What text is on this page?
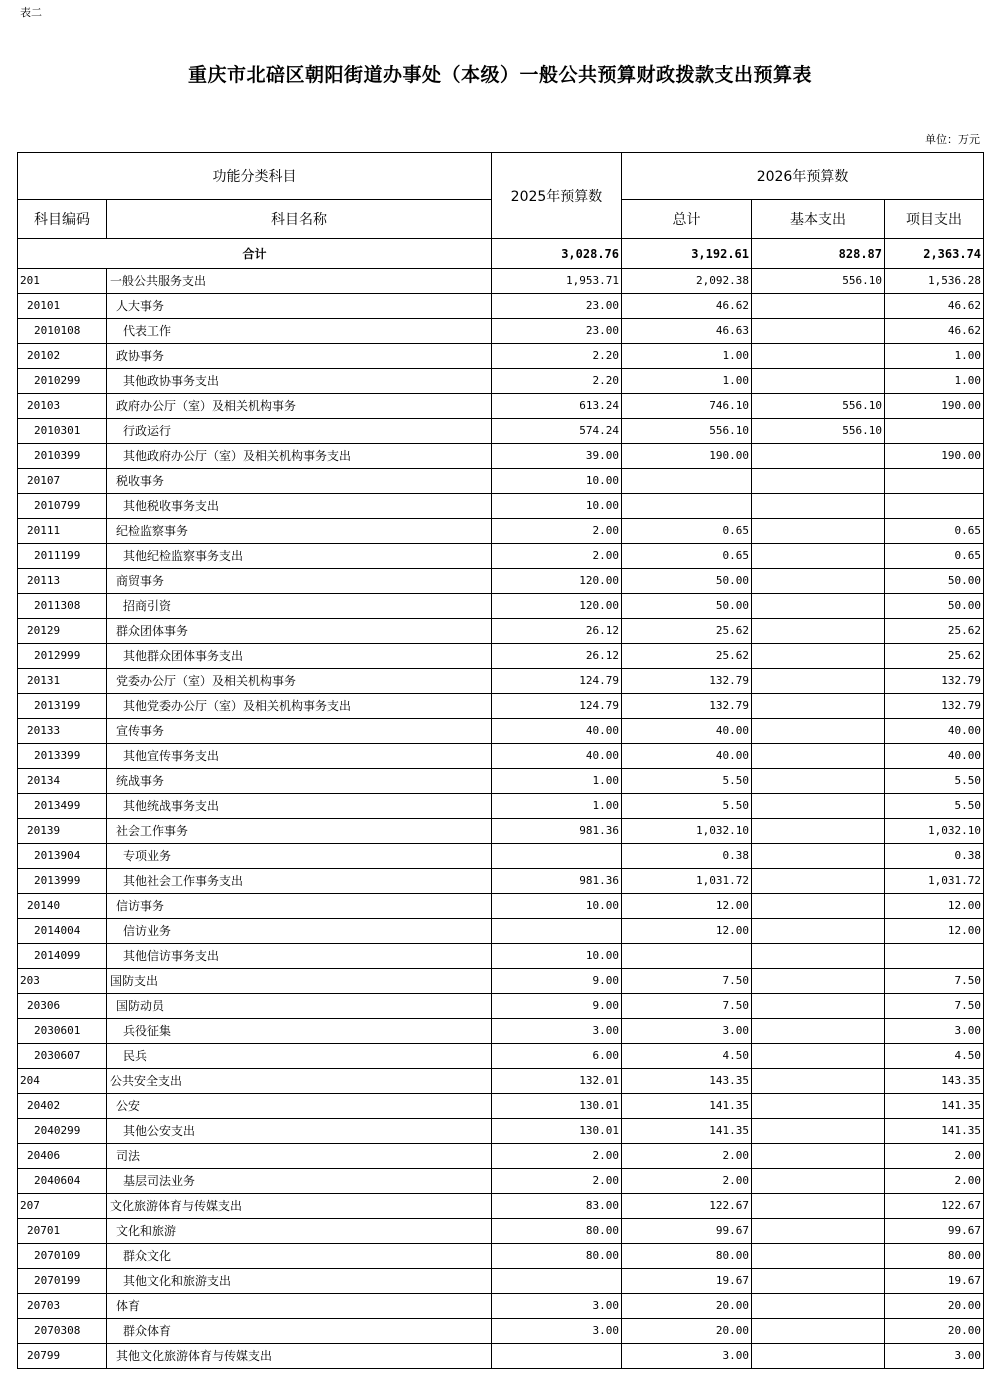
表二
重庆市北碚区朝阳街道办事处（本级）一般公共预算财政拨款支出预算表
单位：万元
功能分类科目		2025年预算数	2026年预算数		
科目编码	科目名称		总计	基本支出	项目支出
合计		3,028.76	3,192.61	828.87	2,363.74
201	一般公共服务支出	1,953.71	2,092.38	556.10	1,536.28
20101	人大事务	23.00	46.62		46.62
2010108	代表工作	23.00	46.63		46.62
20102	政协事务	2.20	1.00		1.00
2010299	其他政协事务支出	2.20	1.00		1.00
20103	政府办公厅（室）及相关机构事务	613.24	746.10	556.10	190.00
2010301	行政运行	574.24	556.10	556.10	
2010399	其他政府办公厅（室）及相关机构事务支出	39.00	190.00		190.00
20107	税收事务	10.00			
2010799	其他税收事务支出	10.00			
20111	纪检监察事务	2.00	0.65		0.65
2011199	其他纪检监察事务支出	2.00	0.65		0.65
20113	商贸事务	120.00	50.00		50.00
2011308	招商引资	120.00	50.00		50.00
20129	群众团体事务	26.12	25.62		25.62
2012999	其他群众团体事务支出	26.12	25.62		25.62
20131	党委办公厅（室）及相关机构事务	124.79	132.79		132.79
2013199	其他党委办公厅（室）及相关机构事务支出	124.79	132.79		132.79
20133	宣传事务	40.00	40.00		40.00
2013399	其他宣传事务支出	40.00	40.00		40.00
20134	统战事务	1.00	5.50		5.50
2013499	其他统战事务支出	1.00	5.50		5.50
20139	社会工作事务	981.36	1,032.10		1,032.10
2013904	专项业务		0.38		0.38
2013999	其他社会工作事务支出	981.36	1,031.72		1,031.72
20140	信访事务	10.00	12.00		12.00
2014004	信访业务		12.00		12.00
2014099	其他信访事务支出	10.00			
203	国防支出	9.00	7.50		7.50
20306	国防动员	9.00	7.50		7.50
2030601	兵役征集	3.00	3.00		3.00
2030607	民兵	6.00	4.50		4.50
204	公共安全支出	132.01	143.35		143.35
20402	公安	130.01	141.35		141.35
2040299	其他公安支出	130.01	141.35		141.35
20406	司法	2.00	2.00		2.00
2040604	基层司法业务	2.00	2.00		2.00
207	文化旅游体育与传媒支出	83.00	122.67		122.67
20701	文化和旅游	80.00	99.67		99.67
2070109	群众文化	80.00	80.00		80.00
2070199	其他文化和旅游支出		19.67		19.67
20703	体育	3.00	20.00		20.00
2070308	群众体育	3.00	20.00		20.00
20799	其他文化旅游体育与传媒支出		3.00		3.00
